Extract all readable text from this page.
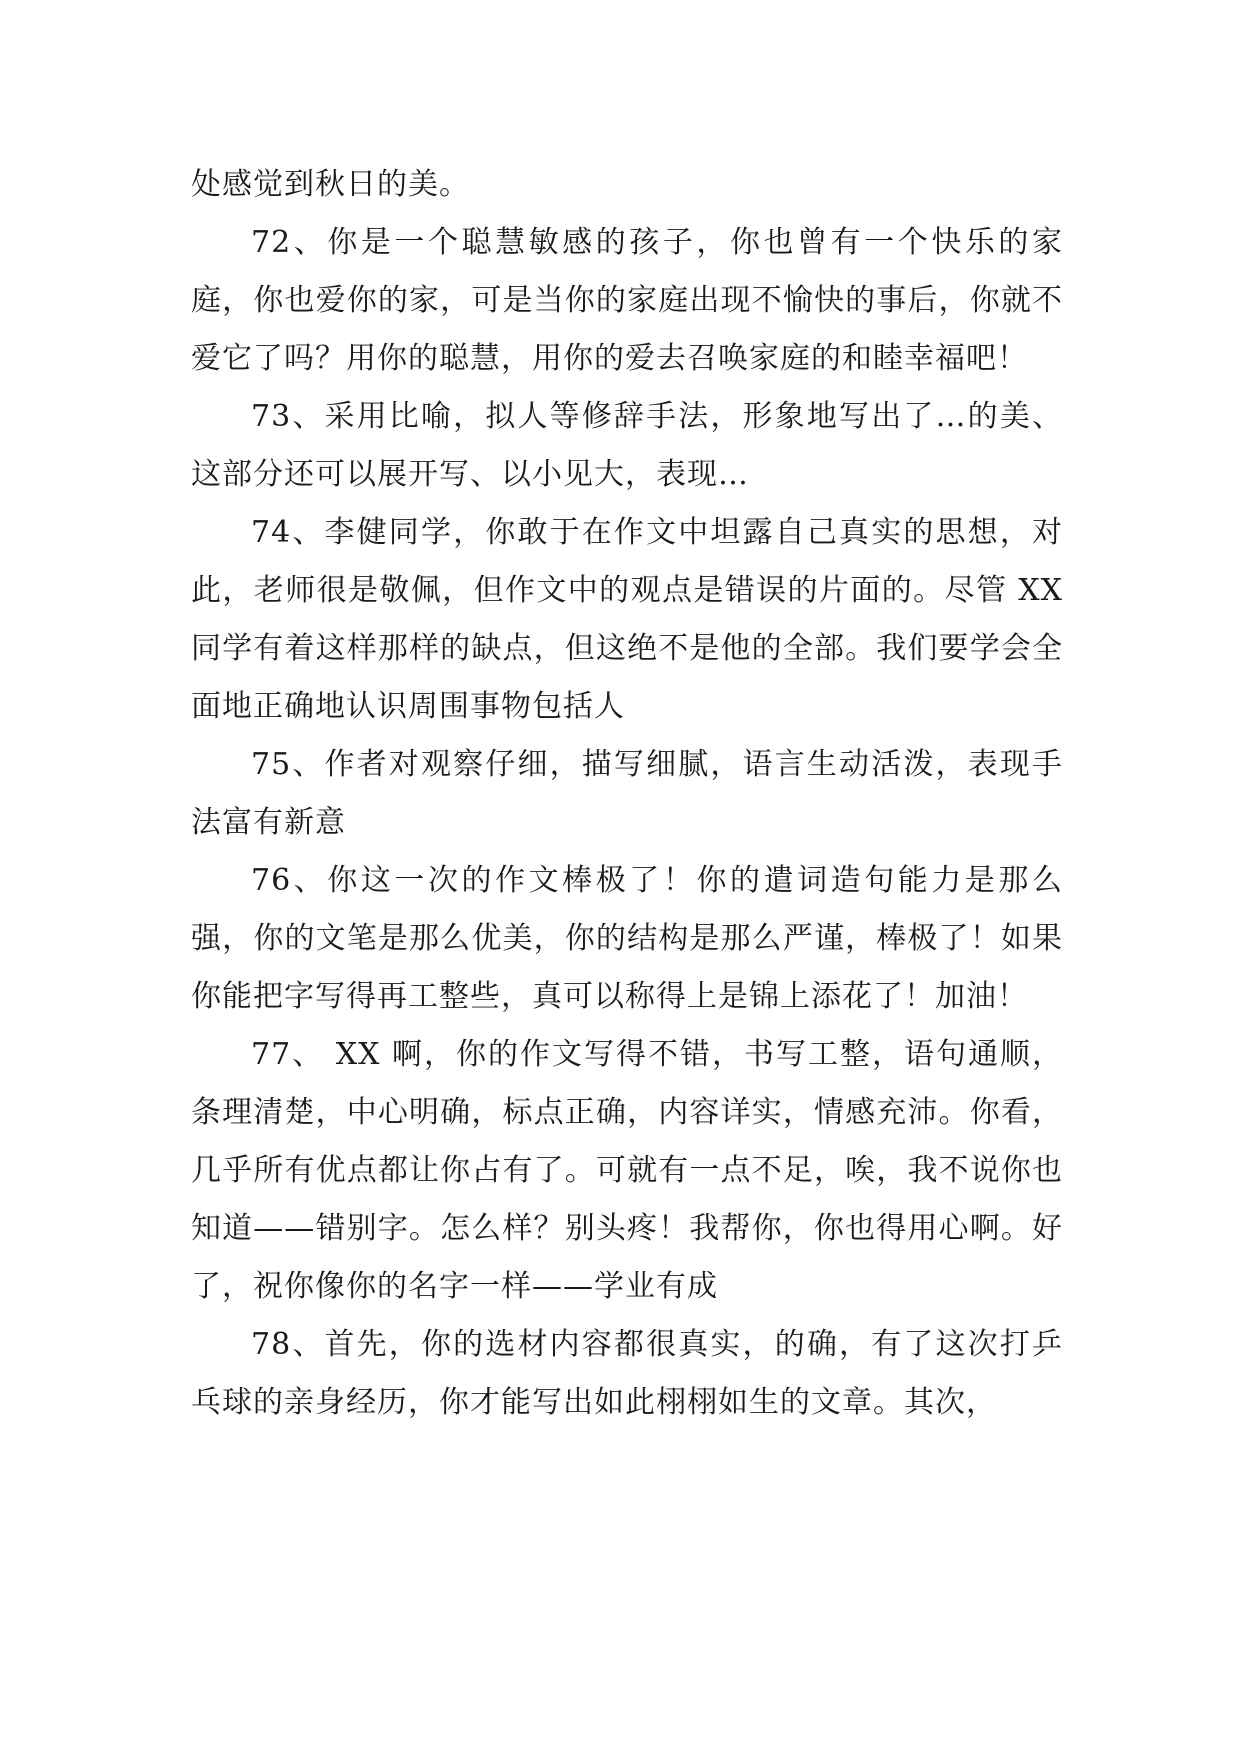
处感觉到秋日的美。

72、你是一个聪慧敏感的孩子，你也曾有一个快乐的家庭，你也爱你的家，可是当你的家庭出现不愉快的事后，你就不爱它了吗？用你的聪慧，用你的爱去召唤家庭的和睦幸福吧！

73、采用比喻，拟人等修辞手法，形象地写出了…的美、这部分还可以展开写、以小见大，表现…

74、李健同学，你敢于在作文中坦露自己真实的思想，对此，老师很是敬佩，但作文中的观点是错误的片面的。尽管 XX 同学有着这样那样的缺点，但这绝不是他的全部。我们要学会全面地正确地认识周围事物包括人

75、作者对观察仔细，描写细腻，语言生动活泼，表现手法富有新意

76、你这一次的作文棒极了！你的遣词造句能力是那么强，你的文笔是那么优美，你的结构是那么严谨，棒极了！如果你能把字写得再工整些，真可以称得上是锦上添花了！加油！

77、 XX 啊，你的作文写得不错，书写工整，语句通顺，条理清楚，中心明确，标点正确，内容详实，情感充沛。你看，几乎所有优点都让你占有了。可就有一点不足，唉，我不说你也知道——错别字。怎么样？别头疼！我帮你，你也得用心啊。好了，祝你像你的名字一样——学业有成

78、首先，你的选材内容都很真实，的确，有了这次打乒乓球的亲身经历，你才能写出如此栩栩如生的文章。其次，
